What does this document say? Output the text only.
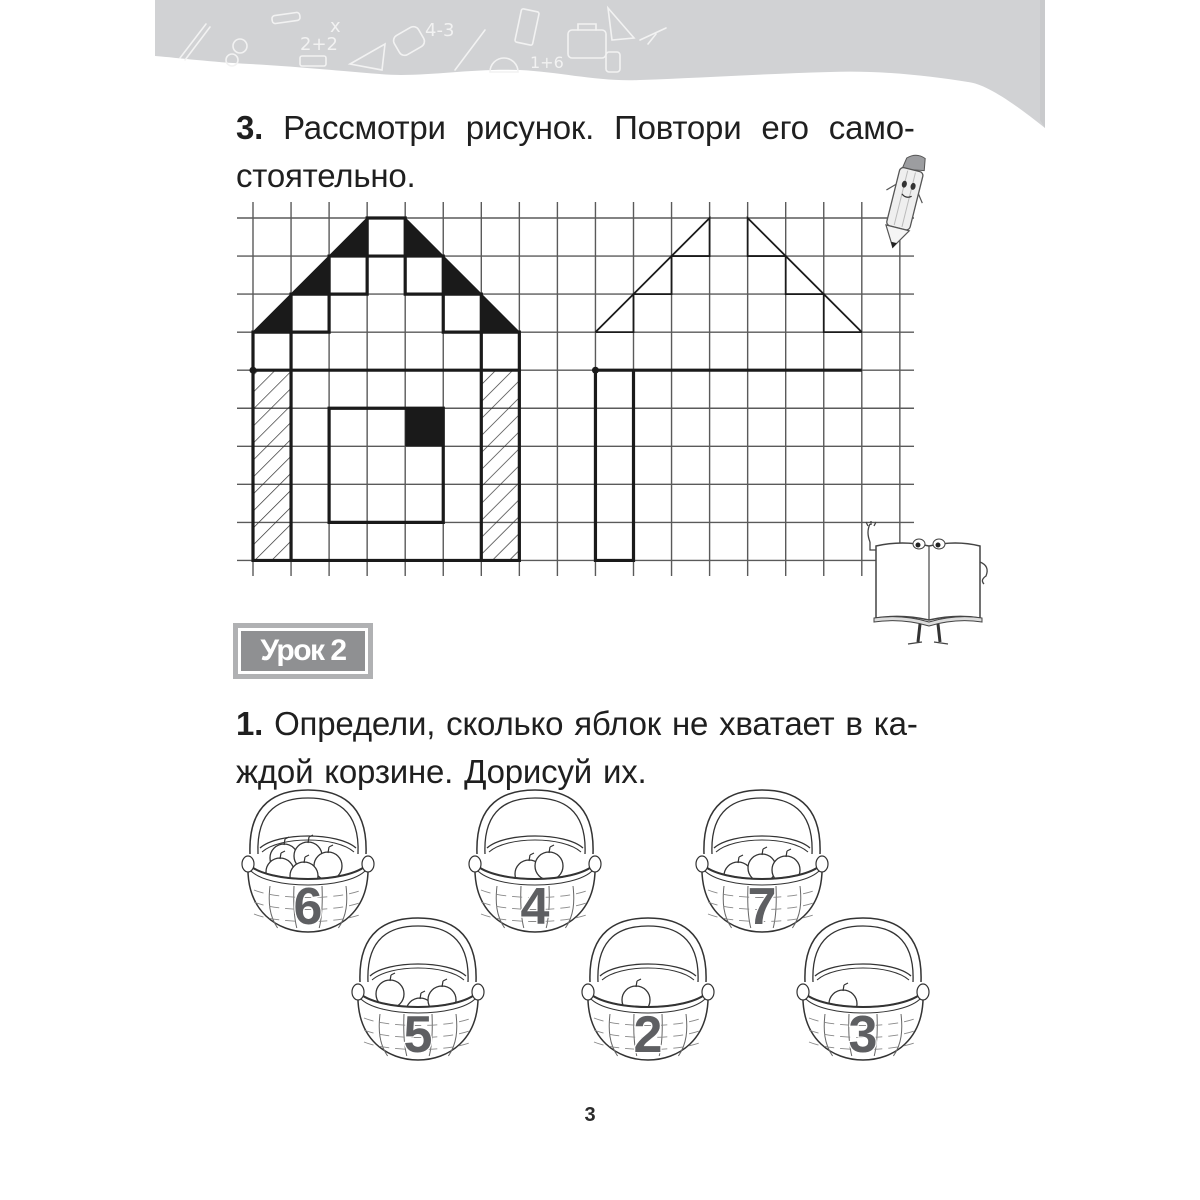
2+2
x	4-3
1+6
3. Рассмотри рисунок. Повтори его само-
стоятельно.
Урок 2
1. Определи, сколько яблок не хватает в ка-
ждой корзине. Дорисуй их.
6	4	7
5	2	3
3
